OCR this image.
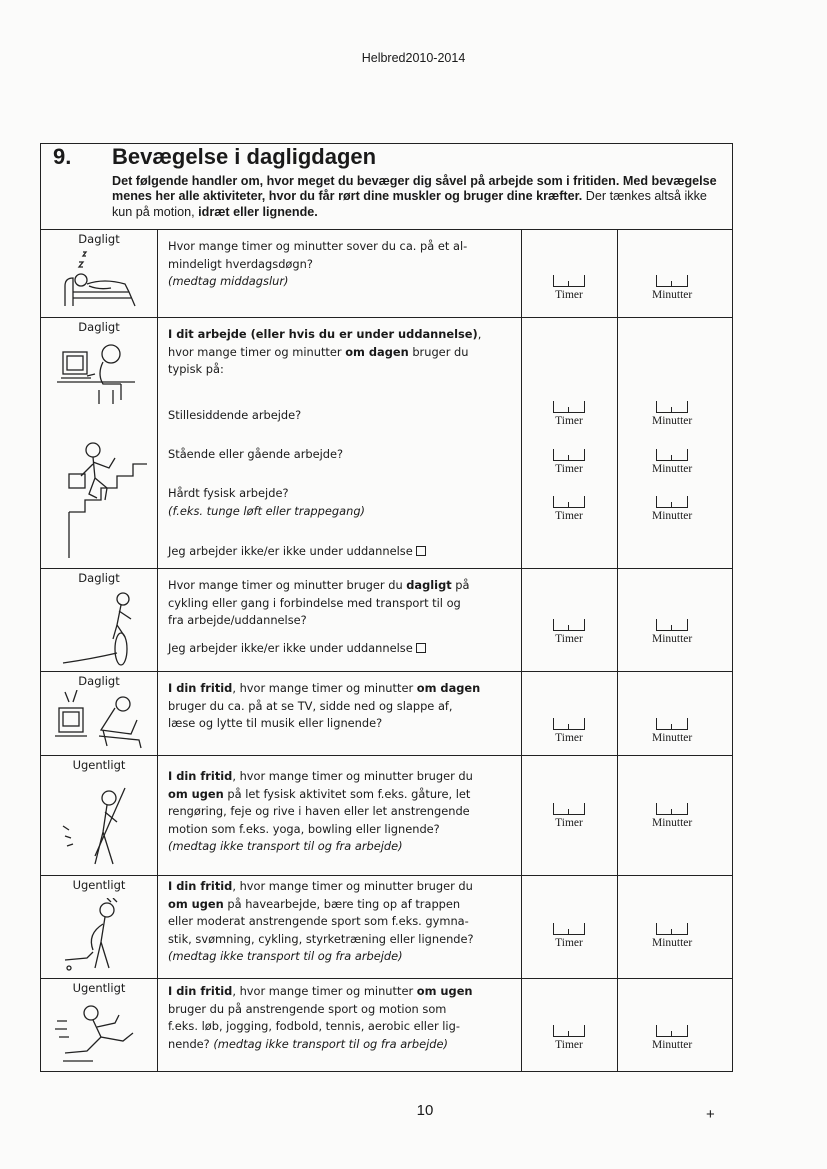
Helbred2010-2014
9. Bevægelse i dagligdagen
Det følgende handler om, hvor meget du bevæger dig såvel på arbejde som i fritiden. Med bevægelse menes her alle aktiviteter, hvor du får rørt dine muskler og bruger dine kræfter. Der tænkes altså ikke kun på motion, idræt eller lignende.
Dagligt	Hvor mange timer og minutter sover du ca. på et al-
mindeligt hverdagsdøgn?
(medtag middagslur)
Timer	Minutter
Dagligt	I dit arbejde (eller hvis du er under uddannelse),
hvor mange timer og minutter om dagen bruger du
typisk på:
Stillesiddende arbejde?
Stående eller gående arbejde?
Hårdt fysisk arbejde?
(f.eks. tunge løft eller trappegang)
Jeg arbejder ikke/er ikke under uddannelse
Timer	Minutter
Timer	Minutter
Timer	Minutter
Dagligt	Hvor mange timer og minutter bruger du dagligt på
cykling eller gang i forbindelse med transport til og
fra arbejde/uddannelse?
Jeg arbejder ikke/er ikke under uddannelse
Timer	Minutter
Dagligt	I din fritid, hvor mange timer og minutter om dagen
bruger du ca. på at se TV, sidde ned og slappe af,
læse og lytte til musik eller lignende?
Timer	Minutter
Ugentligt
I din fritid, hvor mange timer og minutter bruger du
om ugen på let fysisk aktivitet som f.eks. gåture, let
rengøring, feje og rive i haven eller let anstrengende
motion som f.eks. yoga, bowling eller lignende?
(medtag ikke transport til og fra arbejde)
Timer	Minutter
Ugentligt	I din fritid, hvor mange timer og minutter bruger du
om ugen på havearbejde, bære ting op af trappen
eller moderat anstrengende sport som f.eks. gymna-
stik, svømning, cykling, styrketræning eller lignende?
(medtag ikke transport til og fra arbejde)
Timer	Minutter
Ugentligt	I din fritid, hvor mange timer og minutter om ugen
bruger du på anstrengende sport og motion som
f.eks. løb, jogging, fodbold, tennis, aerobic eller lig-
nende? (medtag ikke transport til og fra arbejde)	Timer	Minutter
10	+
